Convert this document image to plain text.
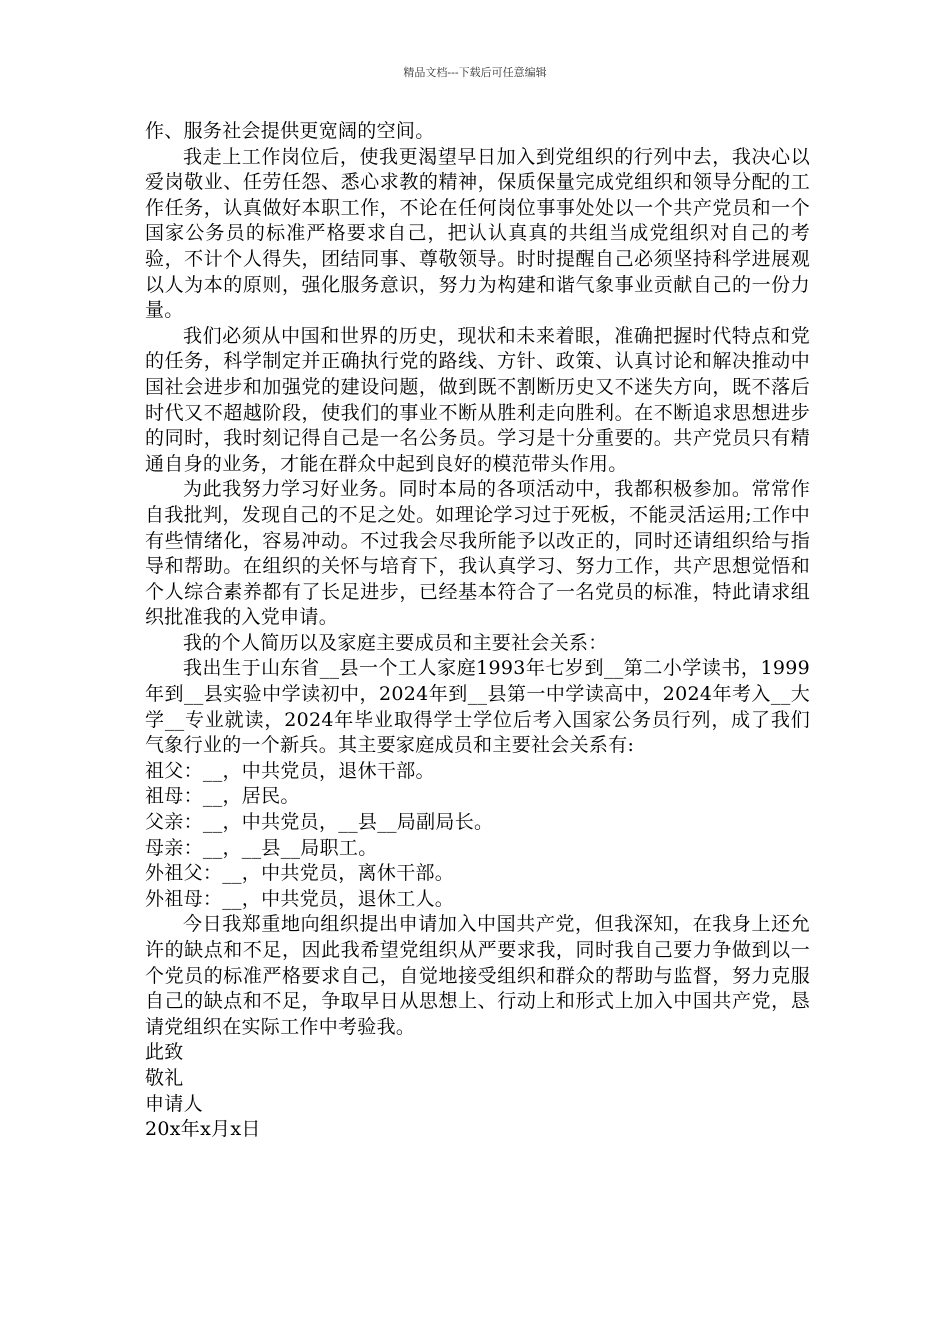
精品文档---下载后可任意编辑

作、服务社会提供更宽阔的空间。

我走上工作岗位后，使我更渴望早日加入到党组织的行列中去，我决心以爱岗敬业、任劳任怨、悉心求教的精神，保质保量完成党组织和领导分配的工作任务，认真做好本职工作，不论在任何岗位事事处处以一个共产党员和一个国家公务员的标准严格要求自己，把认认真真的共组当成党组织对自己的考验，不计个人得失，团结同事、尊敬领导。时时提醒自己必须坚持科学进展观以人为本的原则，强化服务意识，努力为构建和谐气象事业贡献自己的一份力量。

我们必须从中国和世界的历史，现状和未来着眼，准确把握时代特点和党的任务，科学制定并正确执行党的路线、方针、政策、认真讨论和解决推动中国社会进步和加强党的建设问题，做到既不割断历史又不迷失方向，既不落后时代又不超越阶段，使我们的事业不断从胜利走向胜利。在不断追求思想进步的同时，我时刻记得自己是一名公务员。学习是十分重要的。共产党员只有精通自身的业务，才能在群众中起到良好的模范带头作用。

为此我努力学习好业务。同时本局的各项活动中，我都积极参加。常常作自我批判，发现自己的不足之处。如理论学习过于死板，不能灵活运用;工作中有些情绪化，容易冲动。不过我会尽我所能予以改正的，同时还请组织给与指导和帮助。在组织的关怀与培育下，我认真学习、努力工作，共产思想觉悟和个人综合素养都有了长足进步，已经基本符合了一名党员的标准，特此请求组织批准我的入党申请。

我的个人简历以及家庭主要成员和主要社会关系：

我出生于山东省__县一个工人家庭1993年七岁到__第二小学读书，1999年到__县实验中学读初中，2024年到__县第一中学读高中，2024年考入__大学__专业就读，2024年毕业取得学士学位后考入国家公务员行列，成了我们气象行业的一个新兵。其主要家庭成员和主要社会关系有:

祖父：__，中共党员，退休干部。

祖母：__，居民。

父亲：__，中共党员，__县__局副局长。

母亲：__，__县__局职工。

外祖父：__，中共党员，离休干部。

外祖母：__，中共党员，退休工人。

今日我郑重地向组织提出申请加入中国共产党，但我深知，在我身上还允许的缺点和不足，因此我希望党组织从严要求我，同时我自己要力争做到以一个党员的标准严格要求自己，自觉地接受组织和群众的帮助与监督，努力克服自己的缺点和不足，争取早日从思想上、行动上和形式上加入中国共产党，恳请党组织在实际工作中考验我。

此致

敬礼

申请人

20x年x月x日
